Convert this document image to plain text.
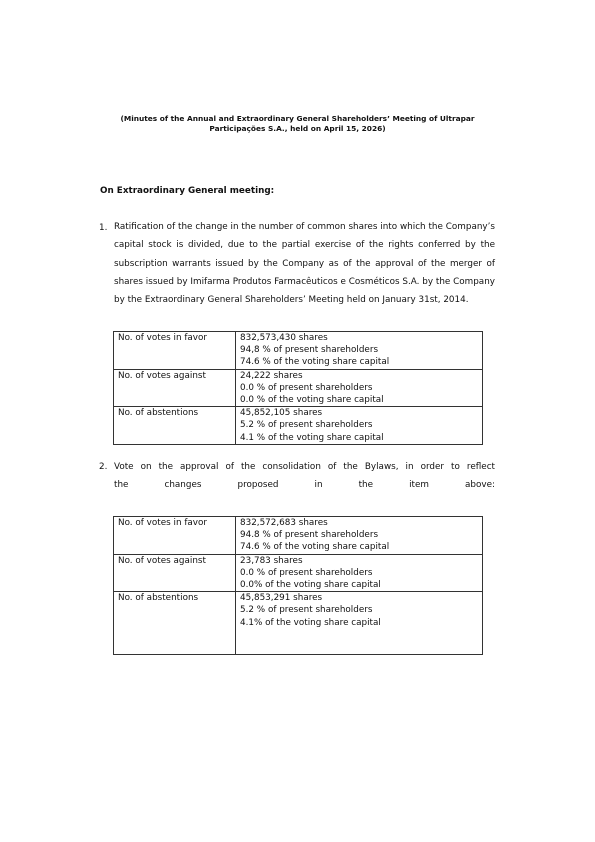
(Minutes of the Annual and Extraordinary General Shareholders’ Meeting of Ultrapar
Participações S.A., held on April 15, 2026)
On Extraordinary General meeting:
1. Ratification of the change in the number of common shares into which the Company’s capital stock is divided, due to the partial exercise of the rights conferred by the subscription warrants issued by the Company as of the approval of the merger of shares issued by Imifarma Produtos Farmacêuticos e Cosméticos S.A. by the Company by the Extraordinary General Shareholders’ Meeting held on January 31st, 2014.
No. of votes in favor	832,573,430 shares
94,8 % of present shareholders
74.6 % of the voting share capital

No. of votes against	24,222 shares
0.0 % of present shareholders
0.0 % of the voting share capital

No. of abstentions	45,852,105 shares
5.2 % of present shareholders
4.1 % of the voting share capital
2. Vote on the approval of the consolidation of the Bylaws, in order to reflect
the changes proposed in the item above:
No. of votes in favor	832,572,683 shares
94.8 % of present shareholders
74.6 % of the voting share capital

No. of votes against	23,783 shares
0.0 % of present shareholders
0.0% of the voting share capital

No. of abstentions	45,853,291 shares
5.2 % of present shareholders
4.1% of the voting share capital
